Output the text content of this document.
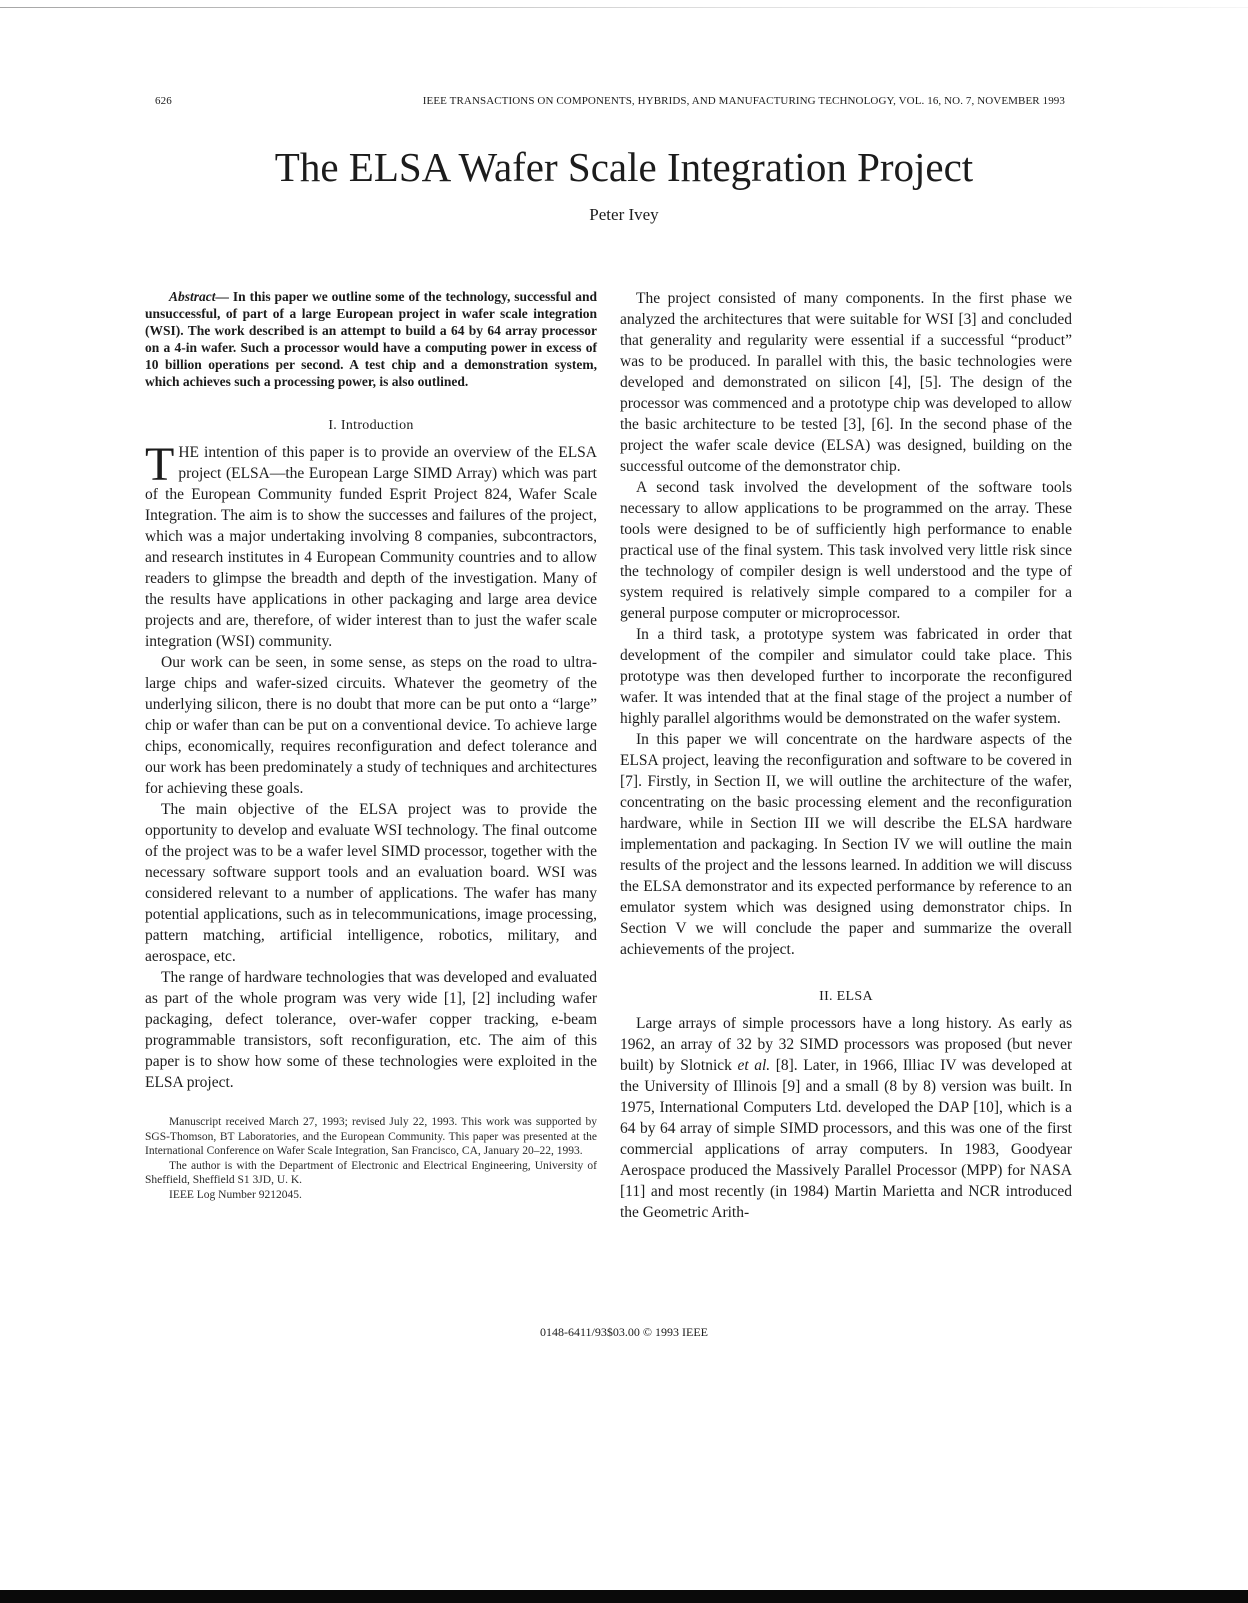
626	IEEE TRANSACTIONS ON COMPONENTS, HYBRIDS, AND MANUFACTURING TECHNOLOGY, VOL. 16, NO. 7, NOVEMBER 1993
The ELSA Wafer Scale Integration Project
Peter Ivey

Abstract— In this paper we outline some of the technology, successful and unsuccessful, of part of a large European project in wafer scale integration (WSI). The work described is an attempt to build a 64 by 64 array processor on a 4-in wafer. Such a processor would have a computing power in excess of 10 billion operations per second. A test chip and a demonstration system, which achieves such a processing power, is also outlined.

I. Introduction

THE intention of this paper is to provide an overview of the ELSA project (ELSA—the European Large SIMD Array) which was part of the European Community funded Esprit Project 824, Wafer Scale Integration. The aim is to show the successes and failures of the project, which was a major undertaking involving 8 companies, subcontractors, and research institutes in 4 European Community countries and to allow readers to glimpse the breadth and depth of the investigation. Many of the results have applications in other packaging and large area device projects and are, therefore, of wider interest than to just the wafer scale integration (WSI) community.

Our work can be seen, in some sense, as steps on the road to ultra-large chips and wafer-sized circuits. Whatever the geometry of the underlying silicon, there is no doubt that more can be put onto a “large” chip or wafer than can be put on a conventional device. To achieve large chips, economically, requires reconfiguration and defect tolerance and our work has been predominately a study of techniques and architectures for achieving these goals.

The main objective of the ELSA project was to provide the opportunity to develop and evaluate WSI technology. The final outcome of the project was to be a wafer level SIMD processor, together with the necessary software support tools and an evaluation board. WSI was considered relevant to a number of applications. The wafer has many potential applications, such as in telecommunications, image processing, pattern matching, artificial intelligence, robotics, military, and aerospace, etc.

The range of hardware technologies that was developed and evaluated as part of the whole program was very wide [1], [2] including wafer packaging, defect tolerance, over-wafer copper tracking, e-beam programmable transistors, soft reconfiguration, etc. The aim of this paper is to show how some of these technologies were exploited in the ELSA project.

Manuscript received March 27, 1993; revised July 22, 1993. This work was supported by SGS-Thomson, BT Laboratories, and the European Community. This paper was presented at the International Conference on Wafer Scale Integration, San Francisco, CA, January 20–22, 1993.

The author is with the Department of Electronic and Electrical Engineering, University of Sheffield, Sheffield S1 3JD, U. K.

IEEE Log Number 9212045.

The project consisted of many components. In the first phase we analyzed the architectures that were suitable for WSI [3] and concluded that generality and regularity were essential if a successful “product” was to be produced. In parallel with this, the basic technologies were developed and demonstrated on silicon [4], [5]. The design of the processor was commenced and a prototype chip was developed to allow the basic architecture to be tested [3], [6]. In the second phase of the project the wafer scale device (ELSA) was designed, building on the successful outcome of the demonstrator chip.

A second task involved the development of the software tools necessary to allow applications to be programmed on the array. These tools were designed to be of sufficiently high performance to enable practical use of the final system. This task involved very little risk since the technology of compiler design is well understood and the type of system required is relatively simple compared to a compiler for a general purpose computer or microprocessor.

In a third task, a prototype system was fabricated in order that development of the compiler and simulator could take place. This prototype was then developed further to incorporate the reconfigured wafer. It was intended that at the final stage of the project a number of highly parallel algorithms would be demonstrated on the wafer system.

In this paper we will concentrate on the hardware aspects of the ELSA project, leaving the reconfiguration and software to be covered in [7]. Firstly, in Section II, we will outline the architecture of the wafer, concentrating on the basic processing element and the reconfiguration hardware, while in Section III we will describe the ELSA hardware implementation and packaging. In Section IV we will outline the main results of the project and the lessons learned. In addition we will discuss the ELSA demonstrator and its expected performance by reference to an emulator system which was designed using demonstrator chips. In Section V we will conclude the paper and summarize the overall achievements of the project.

II. ELSA

Large arrays of simple processors have a long history. As early as 1962, an array of 32 by 32 SIMD processors was proposed (but never built) by Slotnick et al. [8]. Later, in 1966, Illiac IV was developed at the University of Illinois [9] and a small (8 by 8) version was built. In 1975, International Computers Ltd. developed the DAP [10], which is a 64 by 64 array of simple SIMD processors, and this was one of the first commercial applications of array computers. In 1983, Goodyear Aerospace produced the Massively Parallel Processor (MPP) for NASA [11] and most recently (in 1984) Martin Marietta and NCR introduced the Geometric Arith-

0148-6411/93$03.00 © 1993 IEEE
